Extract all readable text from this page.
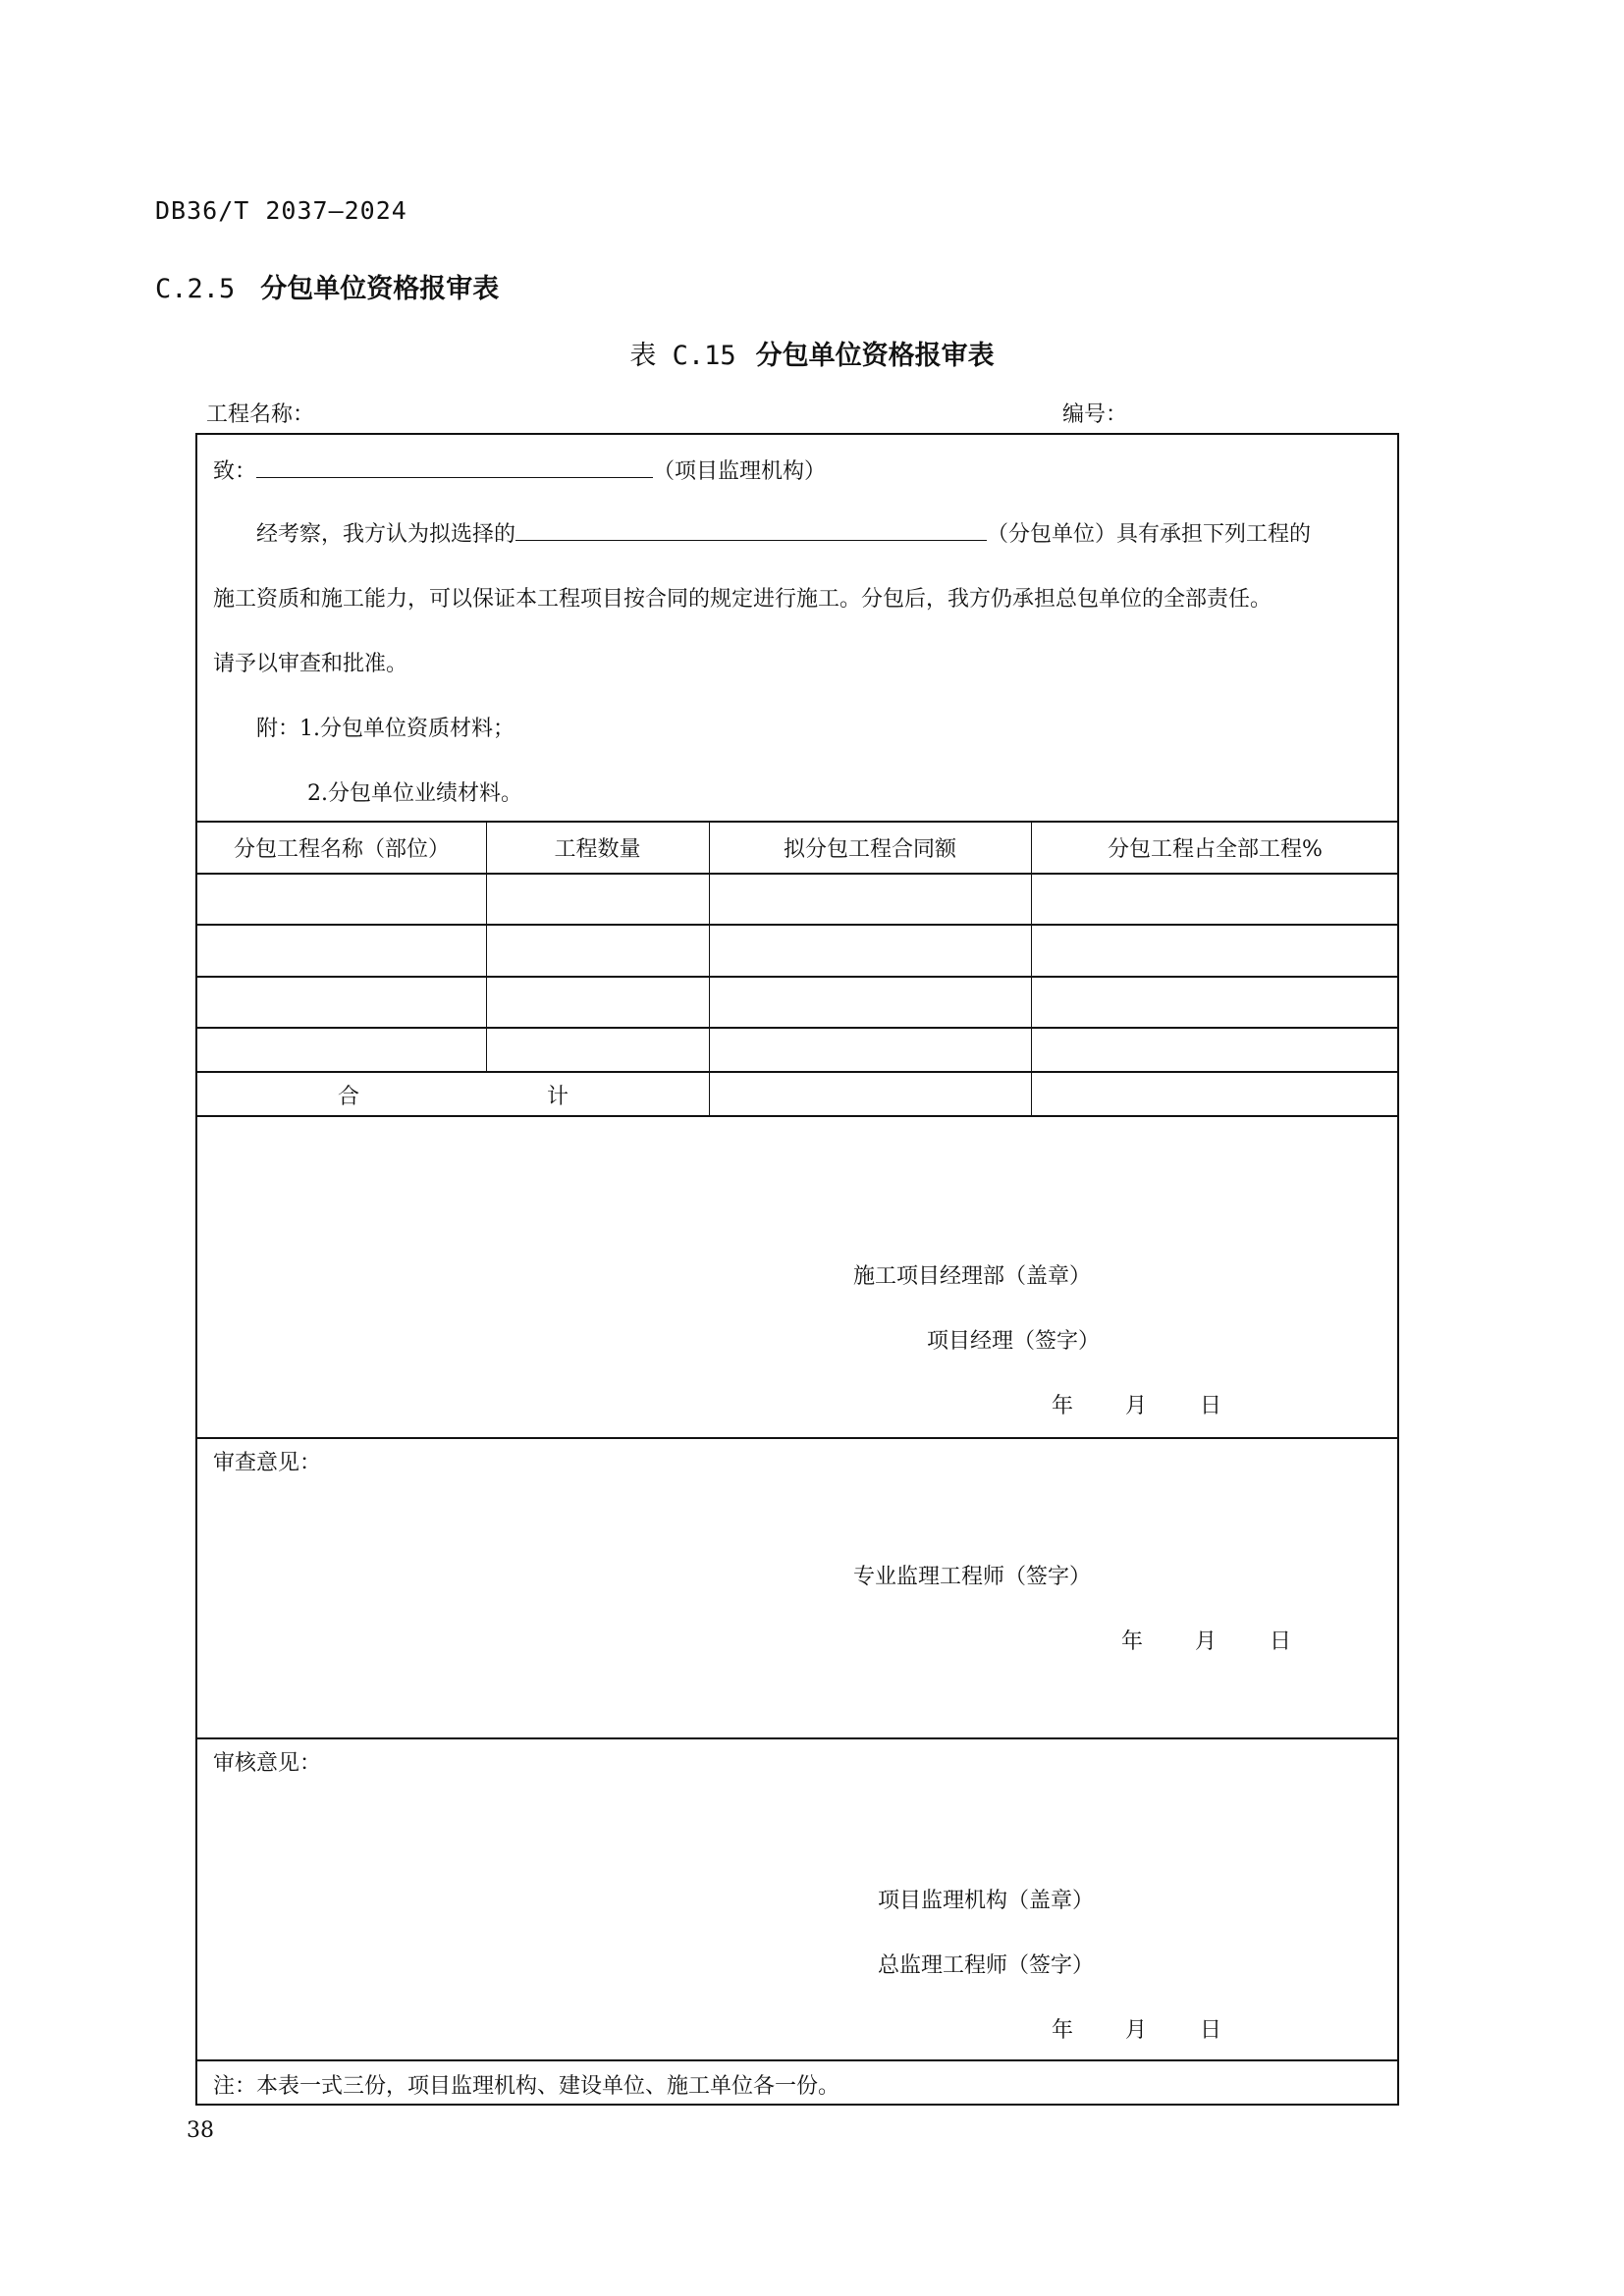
DB36/T 2037—2024
C.2.5 分包单位资格报审表
表 C.15 分包单位资格报审表
工程名称：	编号：
致：	（项目监理机构）
经考察，我方认为拟选择的	（分包单位）具有承担下列工程的
施工资质和施工能力，可以保证本工程项目按合同的规定进行施工。分包后，我方仍承担总包单位的全部责任。
请予以审查和批准。
附：1.分包单位资质材料；
2.分包单位业绩材料。
分包工程名称（部位）	工程数量	拟分包工程合同额	分包工程占全部工程%
合	计
施工项目经理部（盖章）
项目经理（签字）
年 月 日
审查意见：
专业监理工程师（签字）
年 月 日
审核意见：
项目监理机构（盖章）
总监理工程师（签字）
年 月 日
注：本表一式三份，项目监理机构、建设单位、施工单位各一份。
38
